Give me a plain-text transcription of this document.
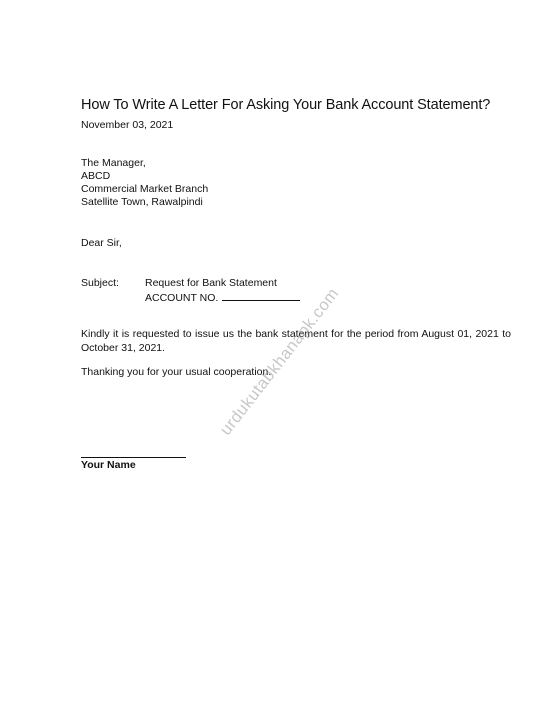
How To Write A Letter For Asking Your Bank Account Statement?
November 03, 2021
The Manager,
ABCD
Commercial Market Branch
Satellite Town, Rawalpindi
Dear Sir,
Subject: Request for Bank Statement
ACCOUNT NO.
Kindly it is requested to issue us the bank statement for the period from August 01, 2021 to October 31, 2021.
Thanking you for your usual cooperation.
Your Name
urdukutabkhanapk.com
